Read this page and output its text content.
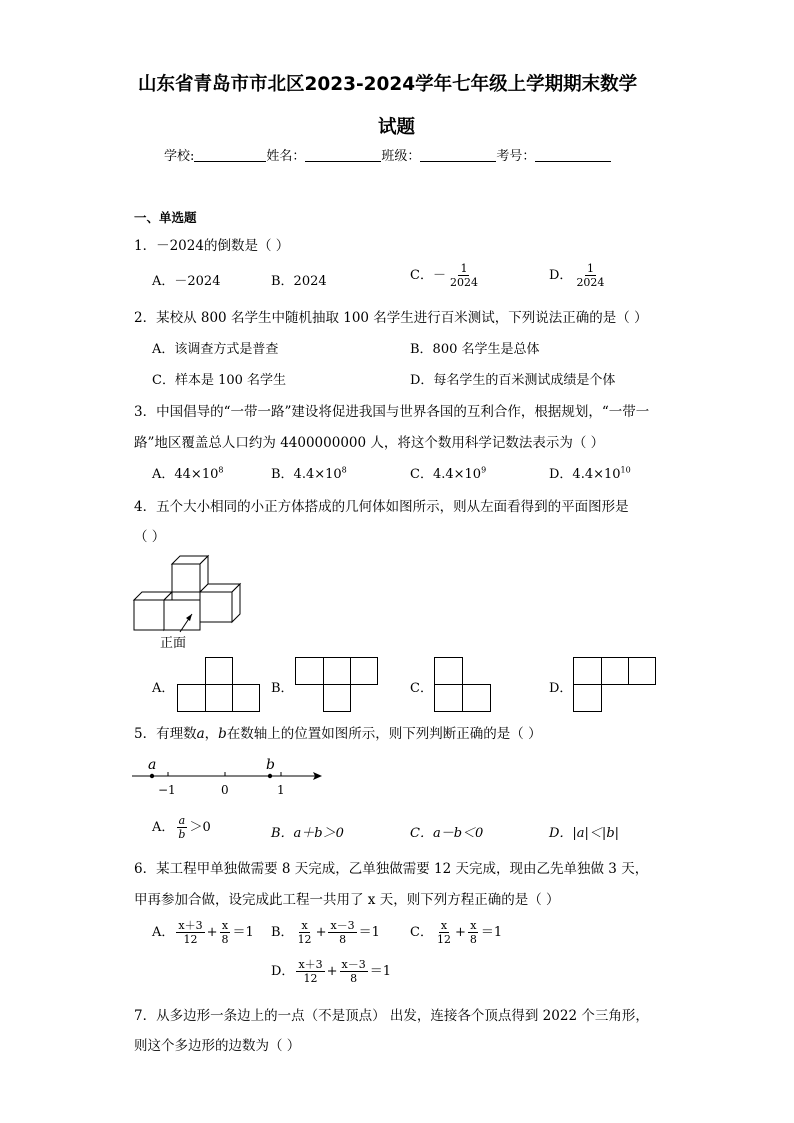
山东省青岛市市北区2023-2024学年七年级上学期期末数学
试题
学校:	姓名：	班级：	考号：
一、单选题
1．－2024的倒数是（ ）
A．－2024	B．2024	C．－ $\frac{1}{2024}$	D． $\frac{1}{2024}$
2．某校从 800 名学生中随机抽取 100 名学生进行百米测试，下列说法正确的是（ ）
A．该调查方式是普查	B．800 名学生是总体
C．样本是 100 名学生	D．每名学生的百米测试成绩是个体
3．中国倡导的“一带一路”建设将促进我国与世界各国的互利合作，根据规划，“一带一
路”地区覆盖总人口约为 4400000000 人，将这个数用科学记数法表示为（ ）
A．$44\times 10^8$	B．$4.4\times 10^8$	C．$4.4\times 10^9$	D．$4.4\times 10^{10}$
4．五个大小相同的小正方体搭成的几何体如图所示，则从左面看得到的平面图形是
（ ）
正面
A．	B．	C．	D．
5．有理数a，b在数轴上的位置如图所示，则下列判断正确的是（ ）
a	b
−1	0	1
A． $\frac{a}{b} >0$	B．a＋b＞0	C．a－b＜0	D．|a|＜|b|
6．某工程甲单独做需要 8 天完成，乙单独做需要 12 天完成，现由乙先单独做 3 天，
甲再参加合做，设完成此工程一共用了 x 天，则下列方程正确的是（ ）
A． $\frac{x+3}{12} + \frac{x}{8} =1$ B． $\frac{x}{12} + \frac{x-3}{8} =1$ C． $\frac{x}{12} + \frac{x}{8} =1$
D． $\frac{x+3}{12} + \frac{x-3}{8} =1$
7．从多边形一条边上的一点（不是顶点） 出发，连接各个顶点得到 2022 个三角形，
则这个多边形的边数为（ ）
